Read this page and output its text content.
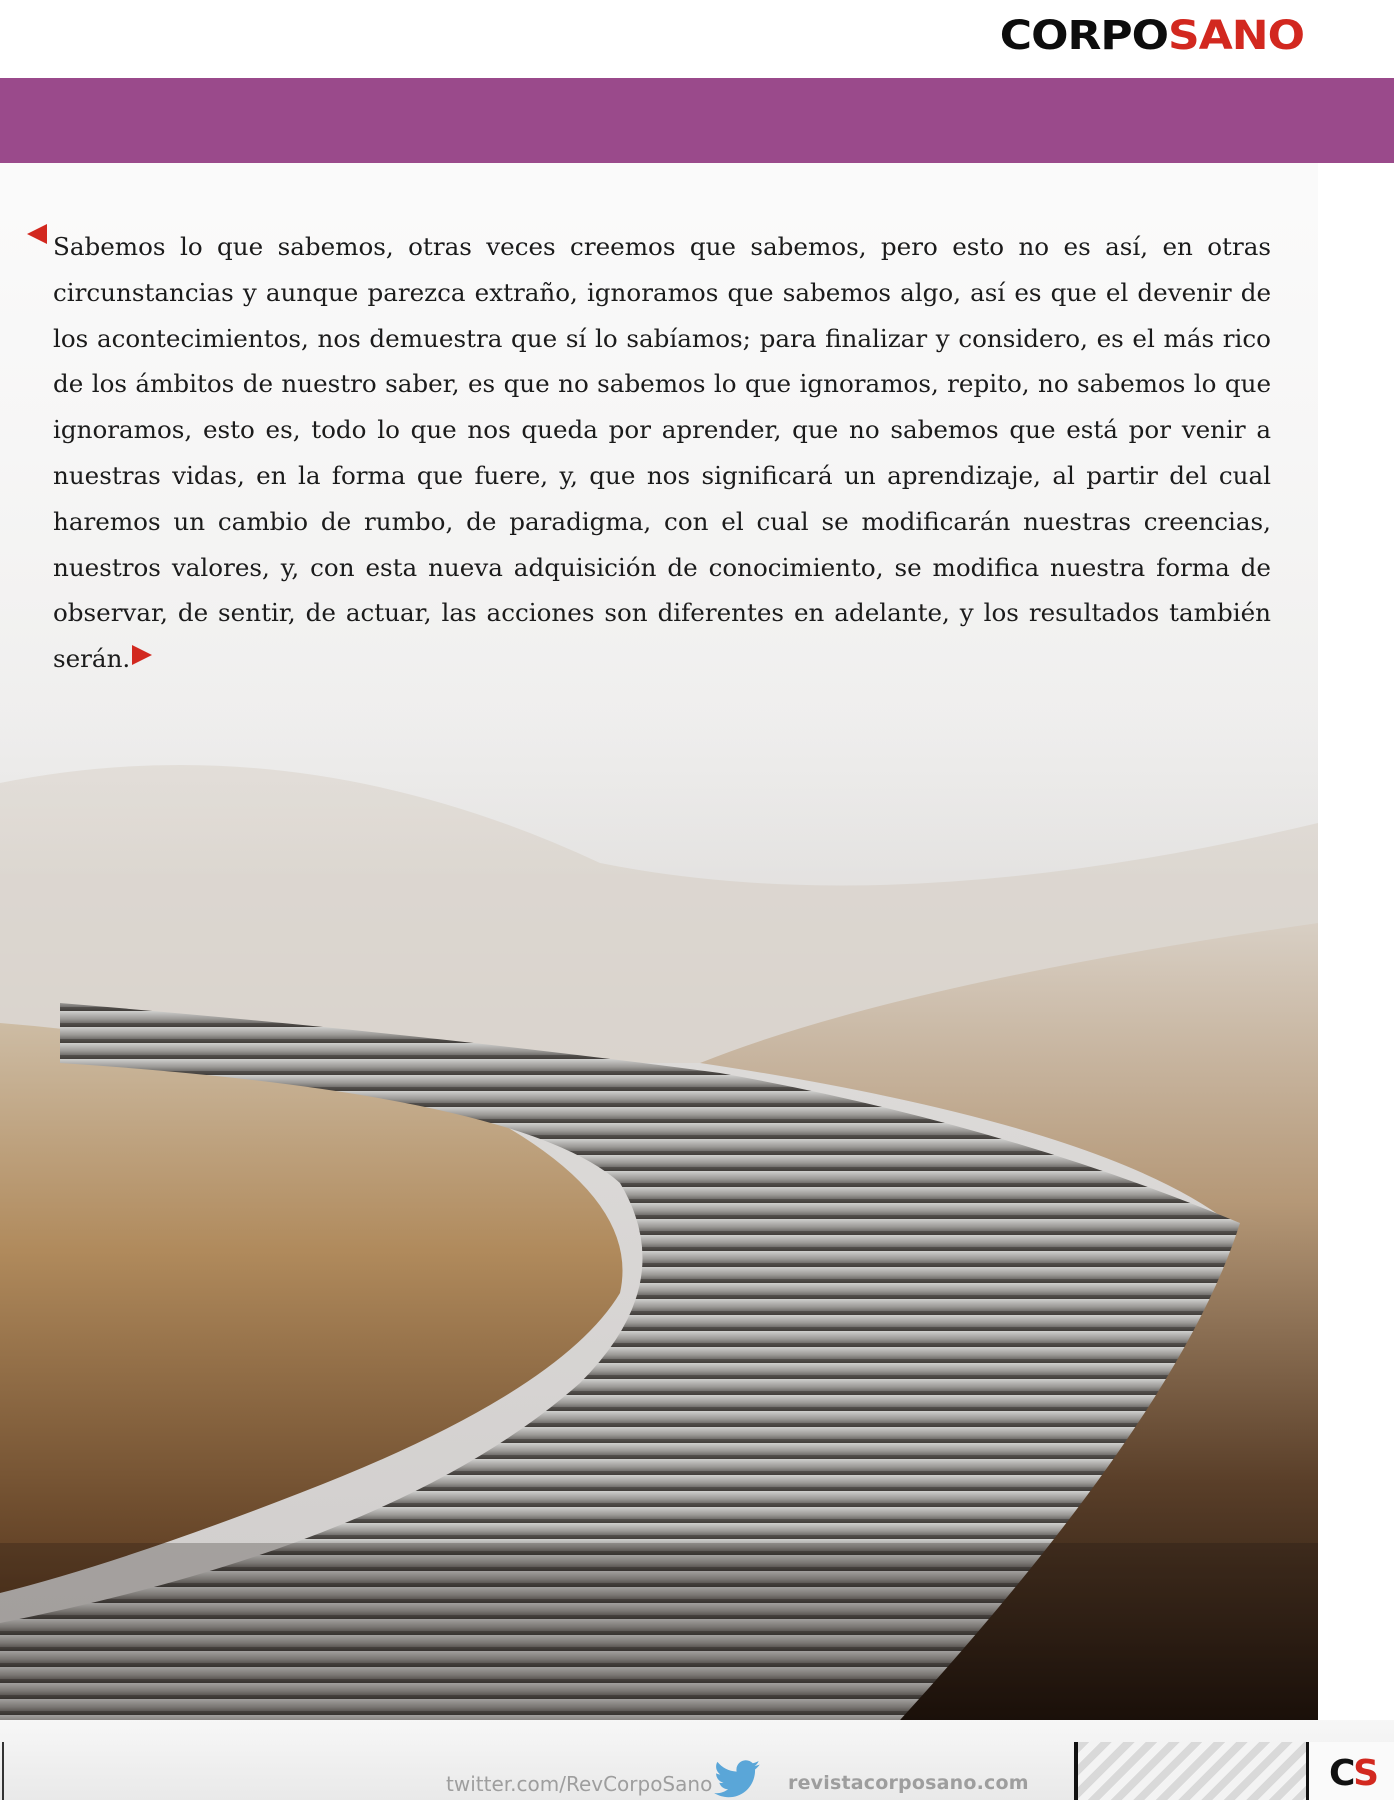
CORPOSANO

Sabemos lo que sabemos, otras veces creemos que sabemos, pero esto no es así, en otras circunstancias y aunque parezca extraño, ignoramos que sabemos algo, así es que el devenir de los acontecimientos, nos demuestra que sí lo sabíamos; para finalizar y considero, es el más rico de los ámbitos de nuestro saber, es que no sabemos lo que ignoramos, repito, no sabemos lo que ignoramos, esto es, todo lo que nos queda por aprender, que no sabemos que está por venir a nuestras vidas, en la forma que fuere, y, que nos significará un aprendizaje, al partir del cual haremos un cambio de rumbo, de paradigma, con el cual se modificarán nuestras creencias, nuestros valores, y, con esta nueva adquisición de conocimiento, se modifica nuestra forma de observar, de sentir, de actuar, las acciones son diferentes en adelante, y los resultados también serán.

twitter.com/RevCorpoSano	revistacorposano.com	CS
